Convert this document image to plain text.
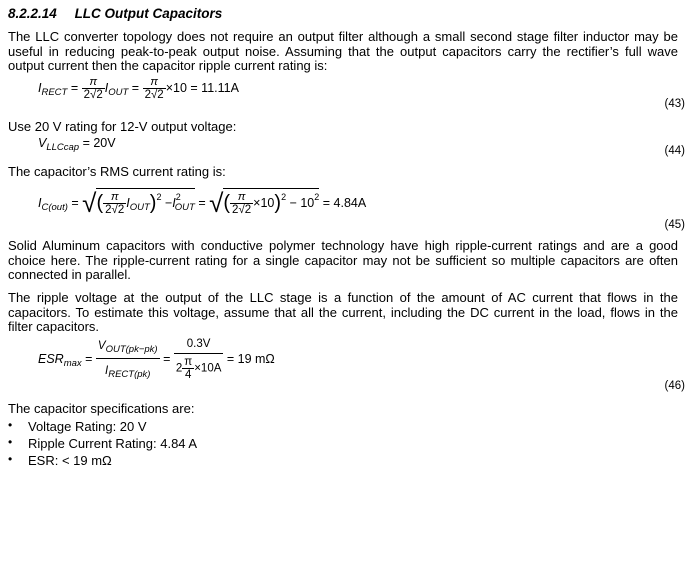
8.2.2.14 LLC Output Capacitors
The LLC converter topology does not require an output filter although a small second stage filter inductor may be useful in reducing peak-to-peak output noise. Assuming that the output capacitors carry the rectifier’s full wave output current then the capacitor ripple current rating is:
$I_{RECT} = \frac{\pi}{2√2} I_{OUT} = \frac{\pi}{2√2} \times 10 = 11.11A$
(43)
Use 20 V rating for 12-V output voltage:
$V_{LLCcap} = 20V$
(44)
The capacitor’s RMS current rating is:
$I_{C(out)}$ = √( $\frac{\pi}{2√2} I_{OUT})^2 -I^2_{OUT}$ = √( $\frac{\pi}{2√2} \times 10)^2 - 10^2 = 4.84A$
(45)
Solid Aluminum capacitors with conductive polymer technology have high ripple-current ratings and are a good choice here. The ripple-current rating for a single capacitor may not be sufficient so multiple capacitors are often connected in parallel.
The ripple voltage at the output of the LLC stage is a function of the amount of AC current that flows in the capacitors. To estimate this voltage, assume that all the current, including the DC current in the load, flows in the filter capacitors.
$ESR_{max} = \frac{V_{OUT(pk-pk)}}{I_{RECT(pk)}} = \frac{0.3V}{2 \frac{\pi}{4} \times 10A} = 19$ mΩ
(46)
The capacitor specifications are:
• Voltage Rating: 20 V
• Ripple Current Rating: 4.84 A
• ESR: < 19 mΩ
